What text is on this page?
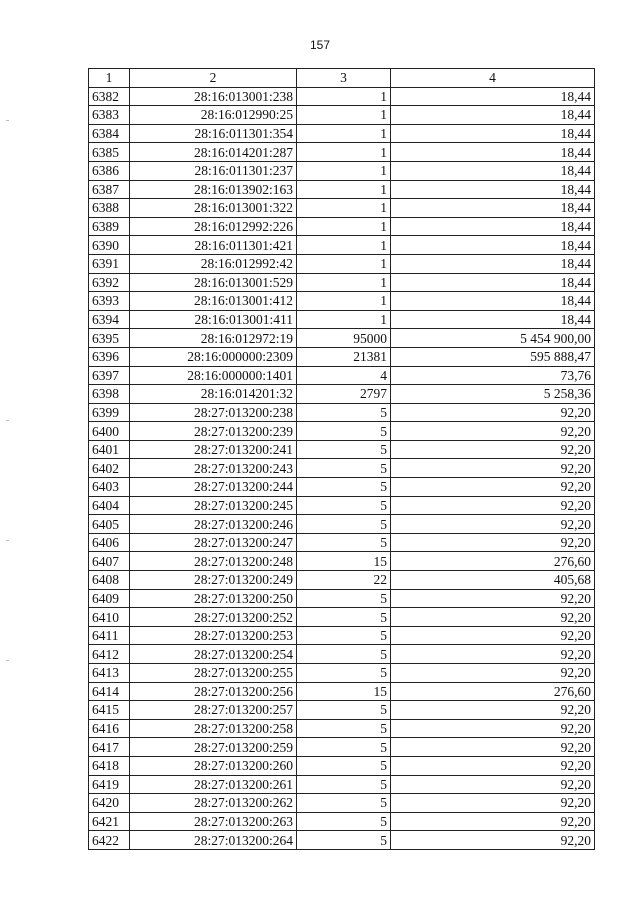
157
1	2	3	4
6382	28:16:013001:238	1	18,44
6383	28:16:012990:25	1	18,44
6384	28:16:011301:354	1	18,44
6385	28:16:014201:287	1	18,44
6386	28:16:011301:237	1	18,44
6387	28:16:013902:163	1	18,44
6388	28:16:013001:322	1	18,44
6389	28:16:012992:226	1	18,44
6390	28:16:011301:421	1	18,44
6391	28:16:012992:42	1	18,44
6392	28:16:013001:529	1	18,44
6393	28:16:013001:412	1	18,44
6394	28:16:013001:411	1	18,44
6395	28:16:012972:19	95000	5 454 900,00
6396	28:16:000000:2309	21381	595 888,47
6397	28:16:000000:1401	4	73,76
6398	28:16:014201:32	2797	5 258,36
6399	28:27:013200:238	5	92,20
6400	28:27:013200:239	5	92,20
6401	28:27:013200:241	5	92,20
6402	28:27:013200:243	5	92,20
6403	28:27:013200:244	5	92,20
6404	28:27:013200:245	5	92,20
6405	28:27:013200:246	5	92,20
6406	28:27:013200:247	5	92,20
6407	28:27:013200:248	15	276,60
6408	28:27:013200:249	22	405,68
6409	28:27:013200:250	5	92,20
6410	28:27:013200:252	5	92,20
6411	28:27:013200:253	5	92,20
6412	28:27:013200:254	5	92,20
6413	28:27:013200:255	5	92,20
6414	28:27:013200:256	15	276,60
6415	28:27:013200:257	5	92,20
6416	28:27:013200:258	5	92,20
6417	28:27:013200:259	5	92,20
6418	28:27:013200:260	5	92,20
6419	28:27:013200:261	5	92,20
6420	28:27:013200:262	5	92,20
6421	28:27:013200:263	5	92,20
6422	28:27:013200:264	5	92,20
